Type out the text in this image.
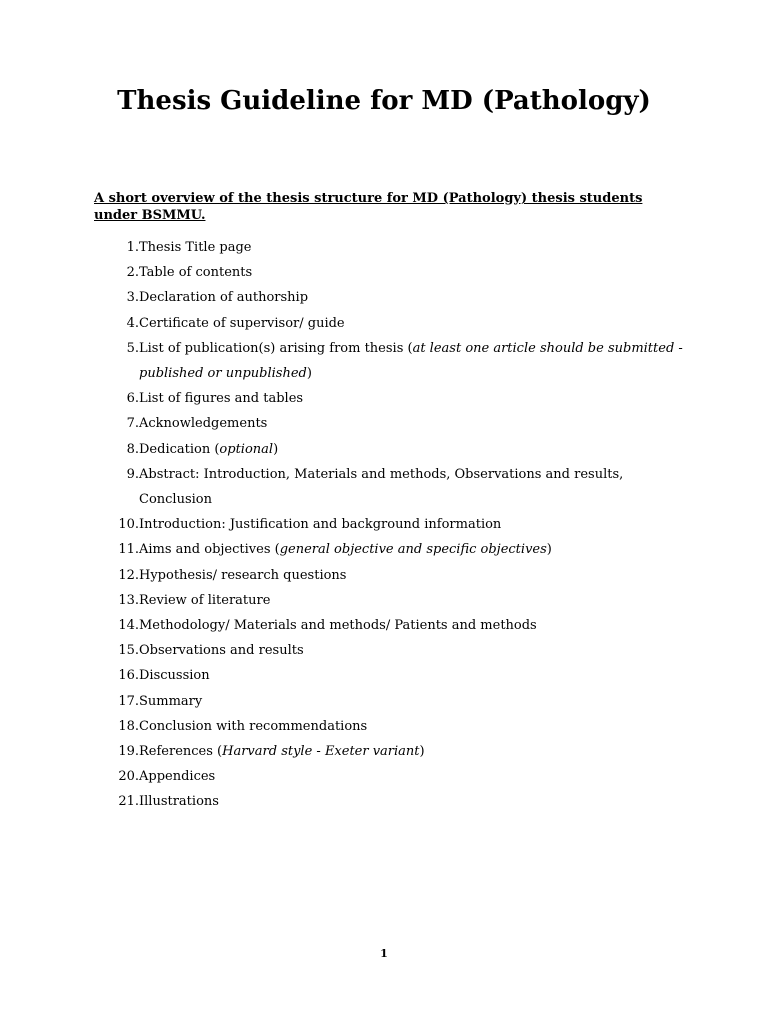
Thesis Guideline for MD (Pathology)

A short overview of the thesis structure for MD (Pathology) thesis students under BSMMU.

1. Thesis Title page
2. Table of contents
3. Declaration of authorship
4. Certificate of supervisor/ guide
5. List of publication(s) arising from thesis (at least one article should be submitted - published or unpublished)
6. List of figures and tables
7. Acknowledgements
8. Dedication (optional)
9. Abstract: Introduction, Materials and methods, Observations and results, Conclusion
10. Introduction: Justification and background information
11. Aims and objectives (general objective and specific objectives)
12. Hypothesis/ research questions
13. Review of literature
14. Methodology/ Materials and methods/ Patients and methods
15. Observations and results
16. Discussion
17. Summary
18. Conclusion with recommendations
19. References (Harvard style - Exeter variant)
20. Appendices
21. Illustrations
1
